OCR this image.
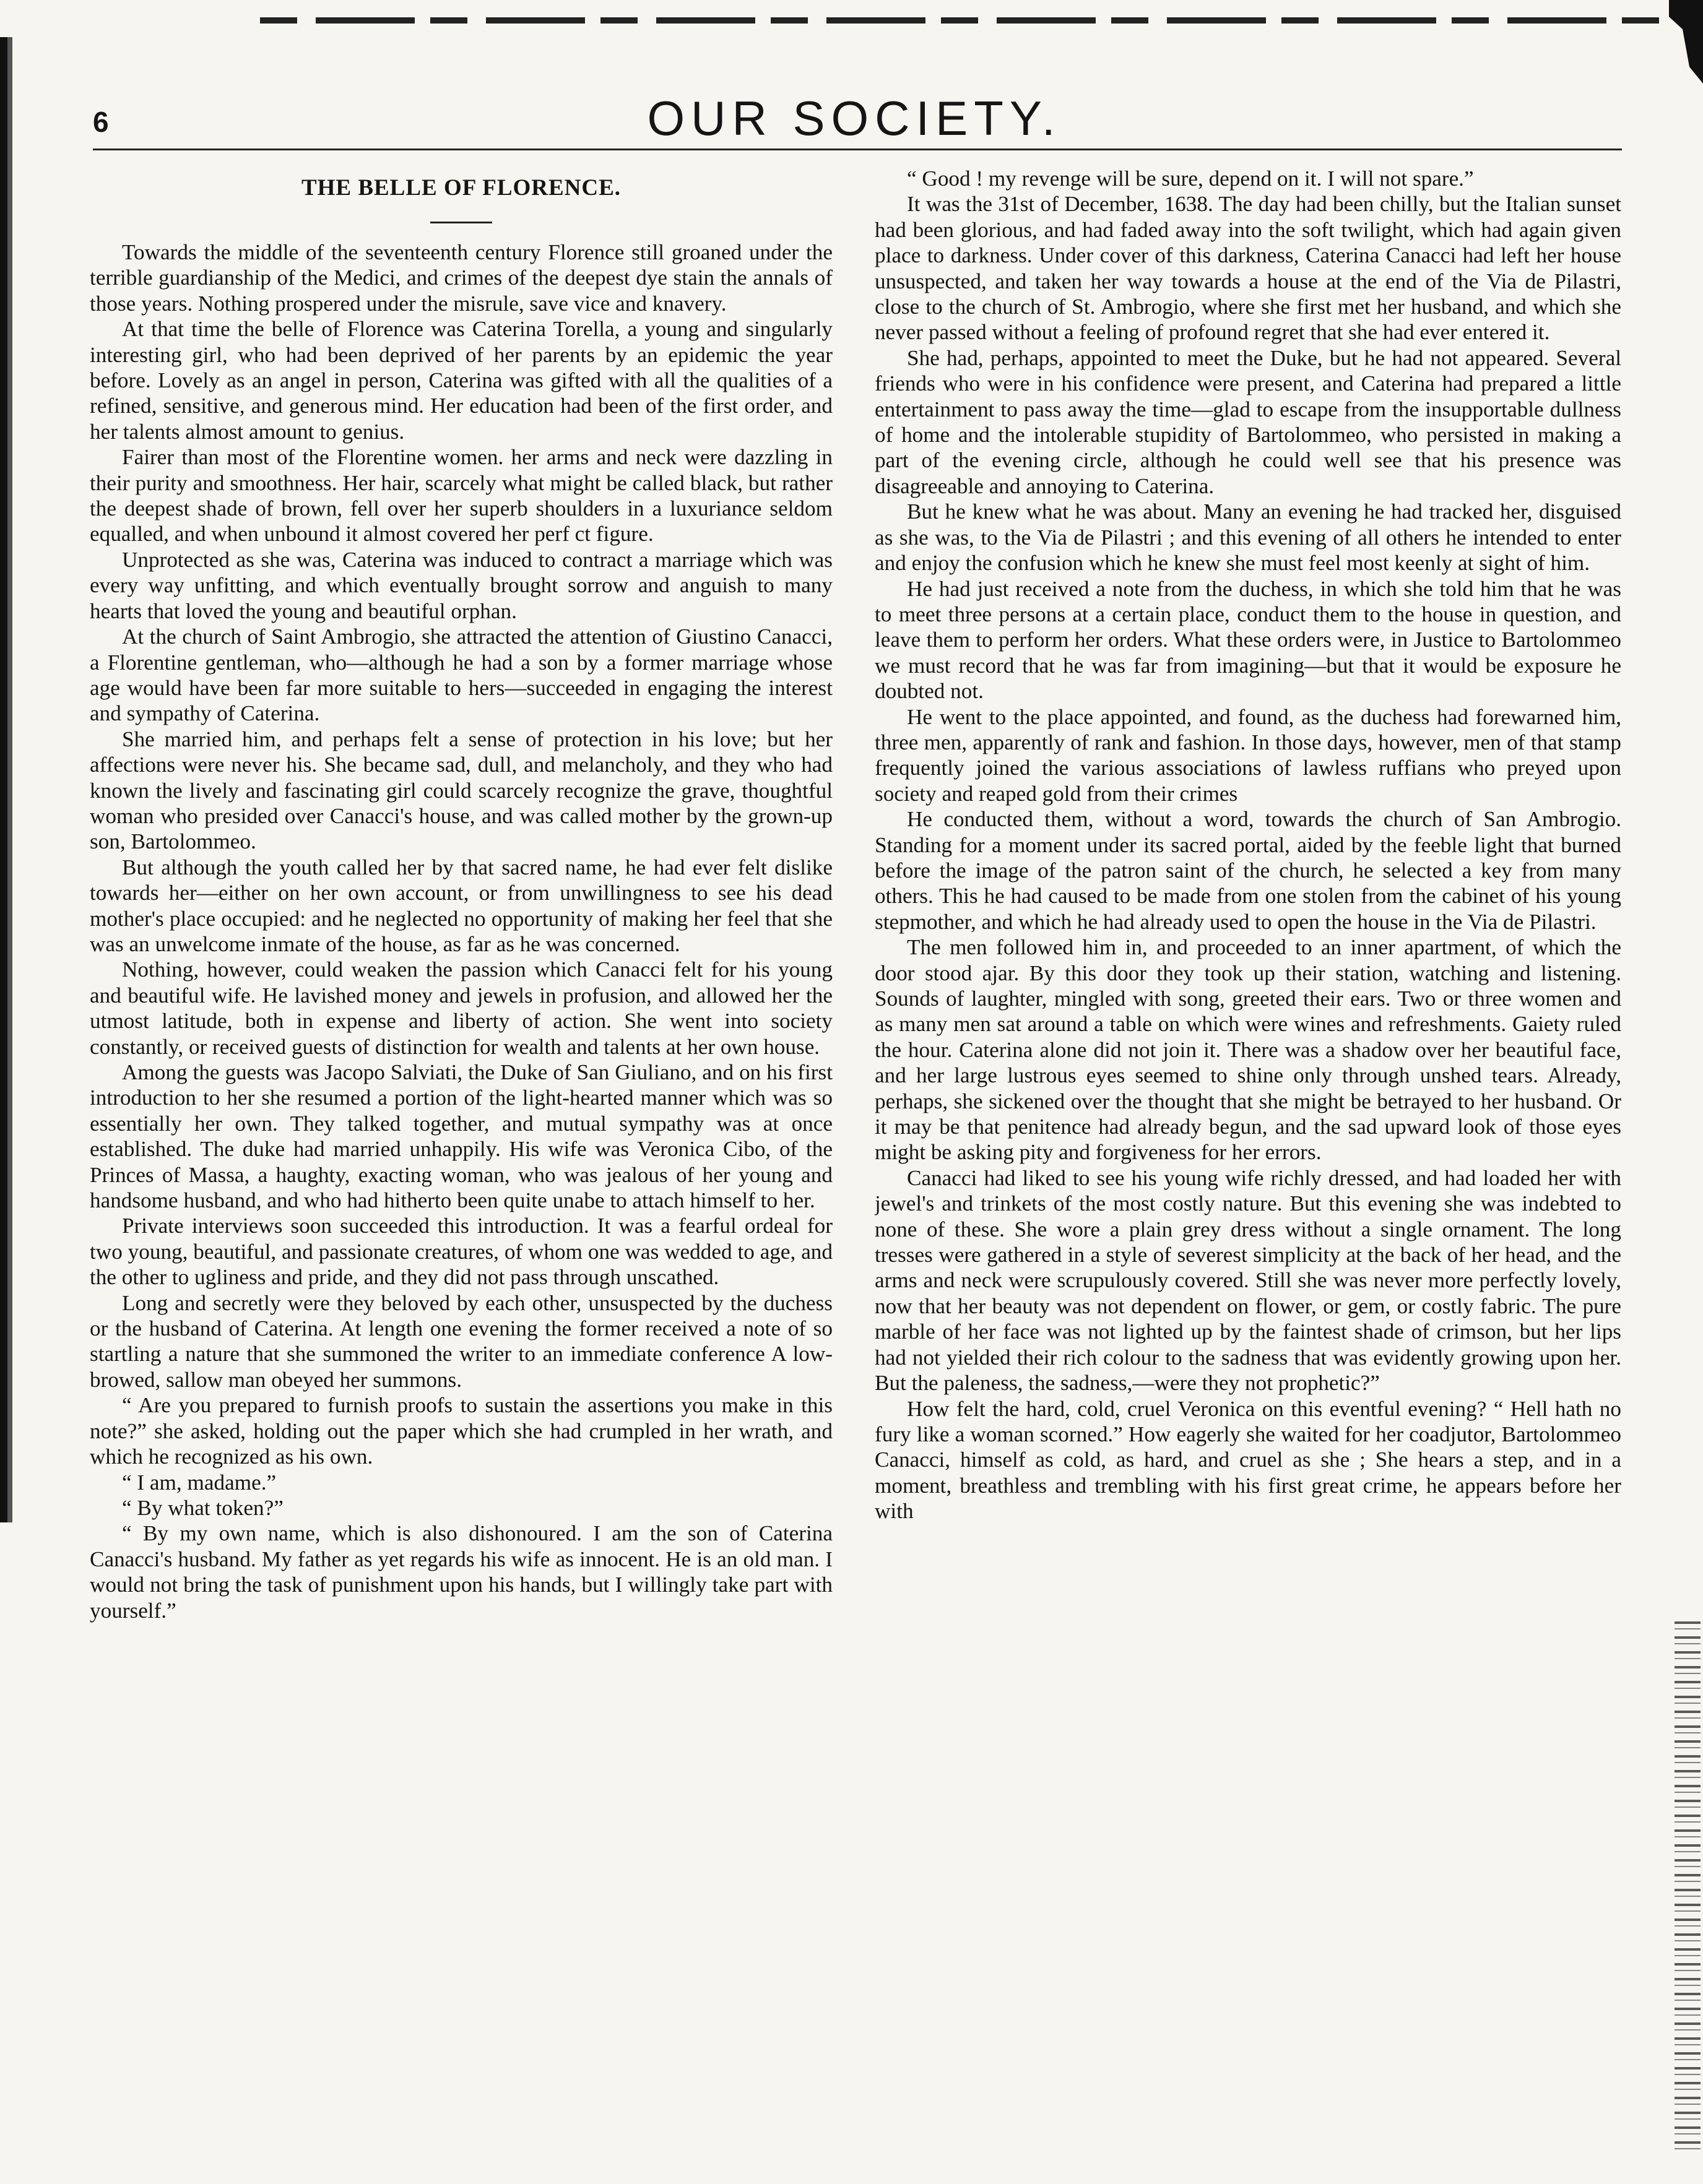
6	OUR SOCIETY.
THE BELLE OF FLORENCE.

Towards the middle of the seventeenth century Florence still groaned under the terrible guardianship of the Medici, and crimes of the deepest dye stain the annals of those years. Nothing prospered under the misrule, save vice and knavery.

At that time the belle of Florence was Caterina Torella, a young and singularly interesting girl, who had been deprived of her parents by an epidemic the year before. Lovely as an angel in person, Caterina was gifted with all the qualities of a refined, sensitive, and generous mind. Her education had been of the first order, and her talents almost amount to genius.

Fairer than most of the Florentine women. her arms and neck were dazzling in their purity and smoothness. Her hair, scarcely what might be called black, but rather the deepest shade of brown, fell over her superb shoulders in a luxuriance seldom equalled, and when unbound it almost covered her perf ct figure.

Unprotected as she was, Caterina was induced to contract a marriage which was every way unfitting, and which eventually brought sorrow and anguish to many hearts that loved the young and beautiful orphan.

At the church of Saint Ambrogio, she attracted the attention of Giustino Canacci, a Florentine gentleman, who—although he had a son by a former marriage whose age would have been far more suitable to hers—succeeded in engaging the interest and sympathy of Caterina.

She married him, and perhaps felt a sense of protection in his love; but her affections were never his. She became sad, dull, and melancholy, and they who had known the lively and fascinating girl could scarcely recognize the grave, thoughtful woman who presided over Canacci's house, and was called mother by the grown-up son, Bartolommeo.

But although the youth called her by that sacred name, he had ever felt dislike towards her—either on her own account, or from unwillingness to see his dead mother's place occupied: and he neglected no opportunity of making her feel that she was an unwelcome inmate of the house, as far as he was concerned.

Nothing, however, could weaken the passion which Canacci felt for his young and beautiful wife. He lavished money and jewels in profusion, and allowed her the utmost latitude, both in expense and liberty of action. She went into society constantly, or received guests of distinction for wealth and talents at her own house.

Among the guests was Jacopo Salviati, the Duke of San Giuliano, and on his first introduction to her she resumed a portion of the light-hearted manner which was so essentially her own. They talked together, and mutual sympathy was at once established. The duke had married unhappily. His wife was Veronica Cibo, of the Princes of Massa, a haughty, exacting woman, who was jealous of her young and handsome husband, and who had hitherto been quite unabe to attach himself to her.

Private interviews soon succeeded this introduction. It was a fearful ordeal for two young, beautiful, and passionate creatures, of whom one was wedded to age, and the other to ugliness and pride, and they did not pass through unscathed.

Long and secretly were they beloved by each other, unsuspected by the duchess or the husband of Caterina. At length one evening the former received a note of so startling a nature that she summoned the writer to an immediate conference A low-browed, sallow man obeyed her summons.

“ Are you prepared to furnish proofs to sustain the assertions you make in this note?” she asked, holding out the paper which she had crumpled in her wrath, and which he recognized as his own.

“ I am, madame.”

“ By what token?”

“ By my own name, which is also dishonoured. I am the son of Caterina Canacci's husband. My father as yet regards his wife as innocent. He is an old man. I would not bring the task of punishment upon his hands, but I willingly take part with yourself.”

“ Good ! my revenge will be sure, depend on it. I will not spare.”

It was the 31st of December, 1638. The day had been chilly, but the Italian sunset had been glorious, and had faded away into the soft twilight, which had again given place to darkness. Under cover of this darkness, Caterina Canacci had left her house unsuspected, and taken her way towards a house at the end of the Via de Pilastri, close to the church of St. Ambrogio, where she first met her husband, and which she never passed without a feeling of profound regret that she had ever entered it.

She had, perhaps, appointed to meet the Duke, but he had not appeared. Several friends who were in his confidence were present, and Caterina had prepared a little entertainment to pass away the time—glad to escape from the insupportable dullness of home and the intolerable stupidity of Bartolommeo, who persisted in making a part of the evening circle, although he could well see that his presence was disagreeable and annoying to Caterina.

But he knew what he was about. Many an evening he had tracked her, disguised as she was, to the Via de Pilastri ; and this evening of all others he intended to enter and enjoy the confusion which he knew she must feel most keenly at sight of him.

He had just received a note from the duchess, in which she told him that he was to meet three persons at a certain place, conduct them to the house in question, and leave them to perform her orders. What these orders were, in Justice to Bartolommeo we must record that he was far from imagining—but that it would be exposure he doubted not.

He went to the place appointed, and found, as the duchess had forewarned him, three men, apparently of rank and fashion. In those days, however, men of that stamp frequently joined the various associations of lawless ruffians who preyed upon society and reaped gold from their crimes

He conducted them, without a word, towards the church of San Ambrogio. Standing for a moment under its sacred portal, aided by the feeble light that burned before the image of the patron saint of the church, he selected a key from many others. This he had caused to be made from one stolen from the cabinet of his young stepmother, and which he had already used to open the house in the Via de Pilastri.

The men followed him in, and proceeded to an inner apartment, of which the door stood ajar. By this door they took up their station, watching and listening. Sounds of laughter, mingled with song, greeted their ears. Two or three women and as many men sat around a table on which were wines and refreshments. Gaiety ruled the hour. Caterina alone did not join it. There was a shadow over her beautiful face, and her large lustrous eyes seemed to shine only through unshed tears. Already, perhaps, she sickened over the thought that she might be betrayed to her husband. Or it may be that penitence had already begun, and the sad upward look of those eyes might be asking pity and forgiveness for her errors.

Canacci had liked to see his young wife richly dressed, and had loaded her with jewel's and trinkets of the most costly nature. But this evening she was indebted to none of these. She wore a plain grey dress without a single ornament. The long tresses were gathered in a style of severest simplicity at the back of her head, and the arms and neck were scrupulously covered. Still she was never more perfectly lovely, now that her beauty was not dependent on flower, or gem, or costly fabric. The pure marble of her face was not lighted up by the faintest shade of crimson, but her lips had not yielded their rich colour to the sadness that was evidently growing upon her. But the paleness, the sadness,—were they not prophetic?”

How felt the hard, cold, cruel Veronica on this eventful evening? “ Hell hath no fury like a woman scorned.” How eagerly she waited for her coadjutor, Bartolommeo Canacci, himself as cold, as hard, and cruel as she ; She hears a step, and in a moment, breathless and trembling with his first great crime, he appears before her with
